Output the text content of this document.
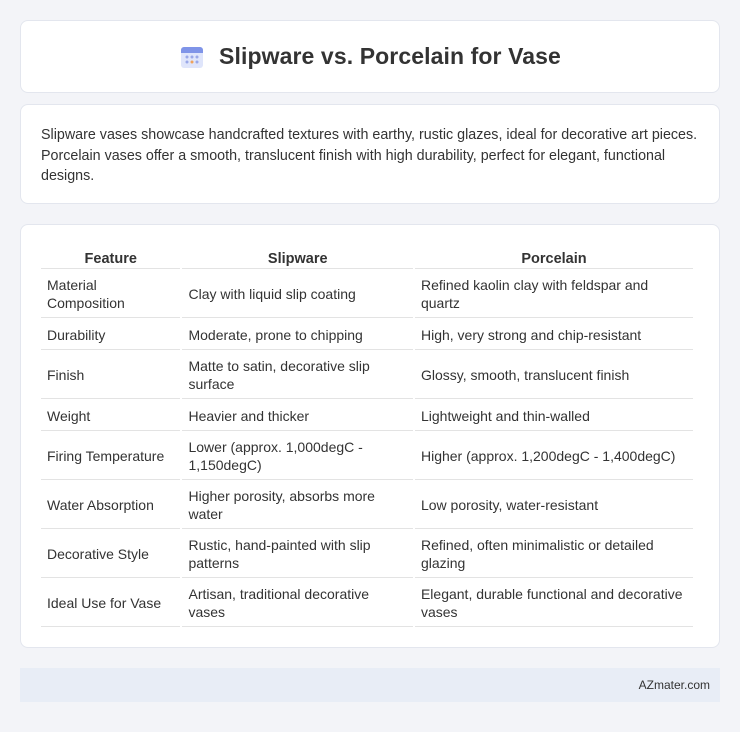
Slipware vs. Porcelain for Vase

Slipware vases showcase handcrafted textures with earthy, rustic glazes, ideal for decorative art pieces. Porcelain vases offer a smooth, translucent finish with high durability, perfect for elegant, functional designs.

Feature	Slipware	Porcelain
Material Composition	Clay with liquid slip coating	Refined kaolin clay with feldspar and quartz
Durability	Moderate, prone to chipping	High, very strong and chip-resistant
Finish	Matte to satin, decorative slip surface	Glossy, smooth, translucent finish
Weight	Heavier and thicker	Lightweight and thin-walled
Firing Temperature	Lower (approx. 1,000degC - 1,150degC)	Higher (approx. 1,200degC - 1,400degC)
Water Absorption	Higher porosity, absorbs more water	Low porosity, water-resistant
Decorative Style	Rustic, hand-painted with slip patterns	Refined, often minimalistic or detailed glazing
Ideal Use for Vase	Artisan, traditional decorative vases	Elegant, durable functional and decorative vases
AZmater.com
